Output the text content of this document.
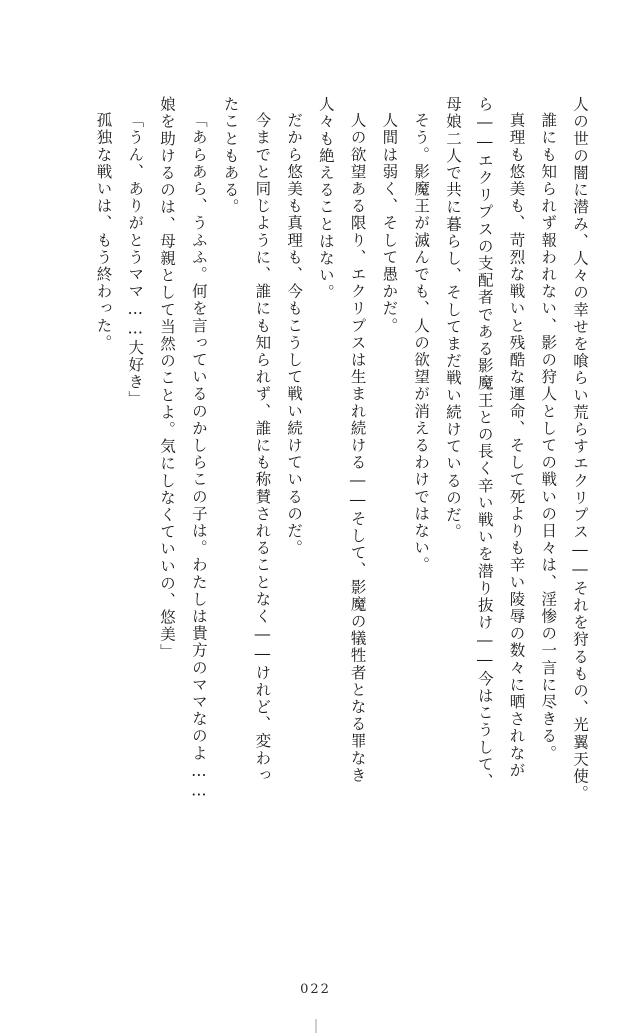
人の世の闇に潜み、人々の幸せを喰らい荒らすエクリプス――それを狩るもの、光翼天使。

誰にも知られず報われない、影の狩人としての戦いの日々は、淫惨の一言に尽きる。

真理も悠美も、苛烈な戦いと残酷な運命、そして死よりも辛い陵辱の数々に晒されなが

ら――エクリプスの支配者である影魔王との長く辛い戦いを潜り抜け――今はこうして、

母娘二人で共に暮らし、そしてまだ戦い続けているのだ。

そう。影魔王が滅んでも、人の欲望が消えるわけではない。

人間は弱く、そして愚かだ。

人の欲望ある限り、エクリプスは生まれ続ける――そして、影魔の犠牲者となる罪なき

人々も絶えることはない。

だから悠美も真理も、今もこうして戦い続けているのだ。

今までと同じように、誰にも知られず、誰にも称賛されることなく――けれど、変わっ

たこともある。

「あらあら、うふふ。何を言っているのかしらこの子は。わたしは貴方のママなのよ……

娘を助けるのは、母親として当然のことよ。気にしなくていいの、悠美」

「うん、ありがとうママ……大好き」

孤独な戦いは、もう終わった。

022
